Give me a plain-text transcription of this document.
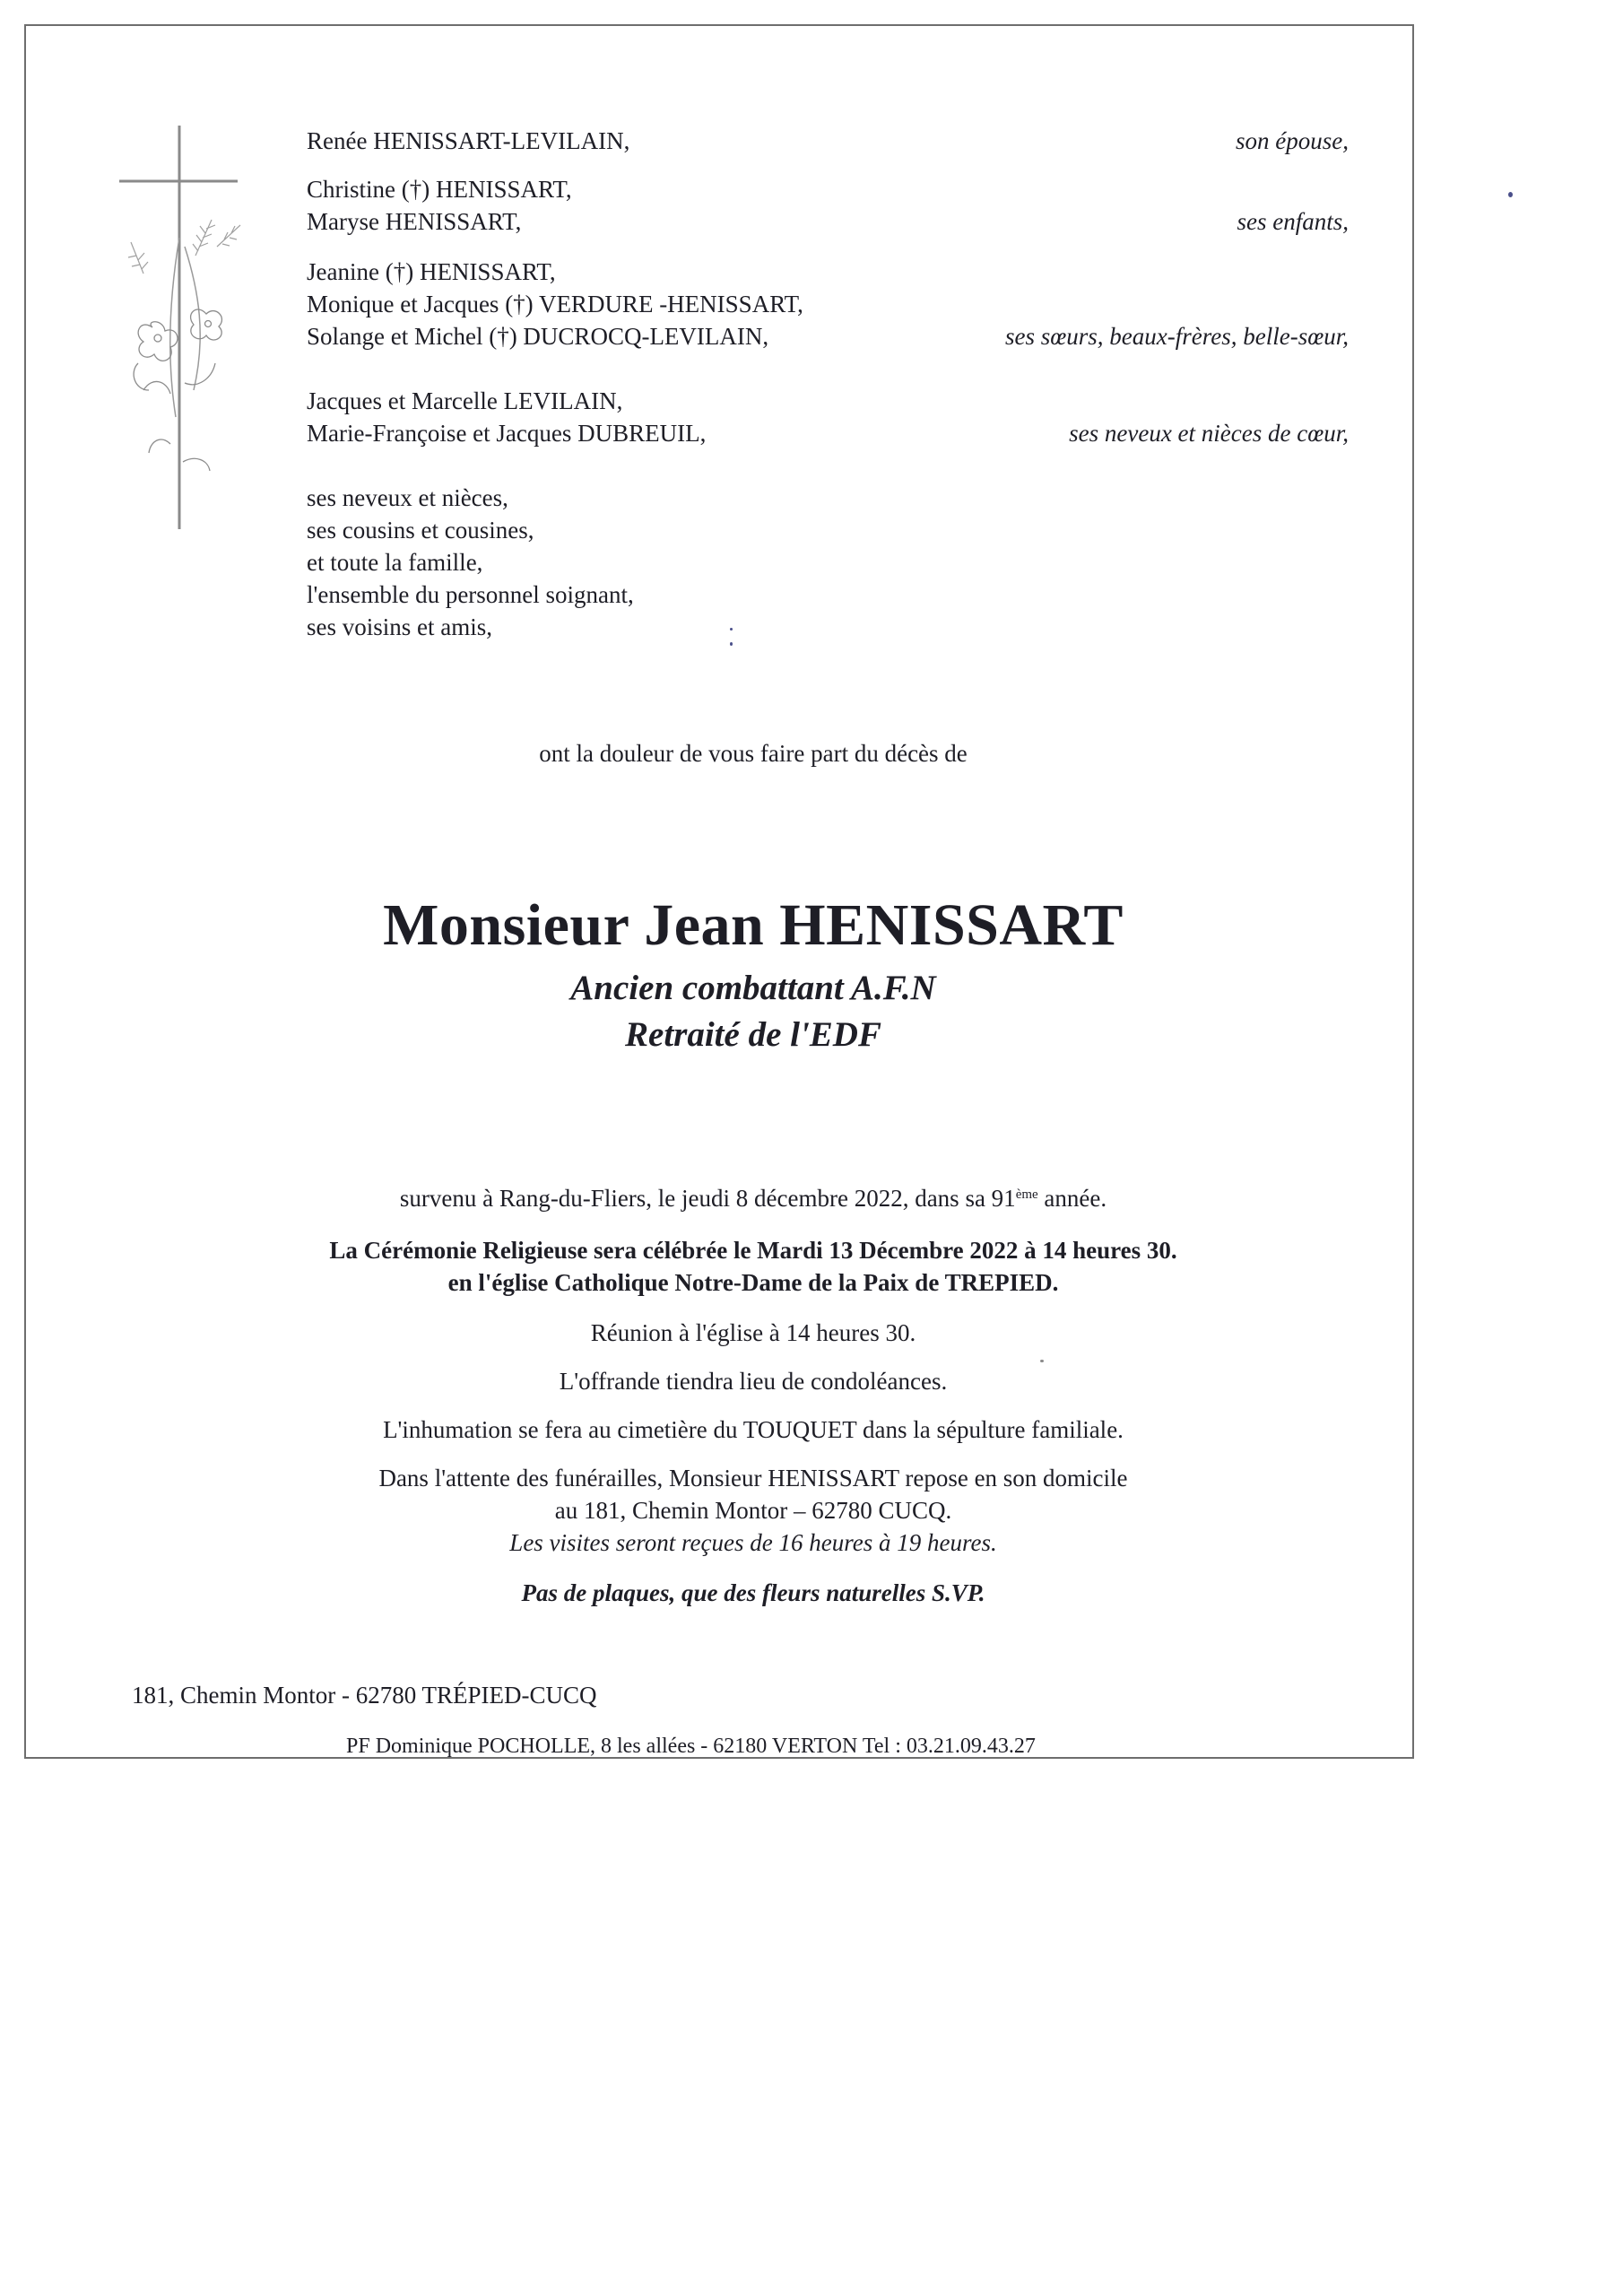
Renée HENISSART-LEVILAIN,
Christine (†) HENISSART,
Maryse HENISSART,
Jeanine (†) HENISSART,
Monique et Jacques (†) VERDURE -HENISSART,
Solange et Michel (†) DUCROCQ-LEVILAIN,
Jacques et Marcelle LEVILAIN,
Marie-Françoise et Jacques DUBREUIL,
son épouse,
ses enfants,
ses sœurs, beaux-frères, belle-sœur,
ses neveux et nièces de cœur,
ses neveux et nièces,
ses cousins et cousines,
et toute la famille,
l'ensemble du personnel soignant,
ses voisins et amis,
ont la douleur de vous faire part du décès de
Monsieur Jean HENISSART
Ancien combattant A.F.N
Retraité de l'EDF
survenu à Rang-du-Fliers, le jeudi 8 décembre 2022, dans sa 91ème année.
La Cérémonie Religieuse sera célébrée le Mardi 13 Décembre 2022 à 14 heures 30.
en l'église Catholique Notre-Dame de la Paix de TREPIED.
Réunion à l'église à 14 heures 30.
L'offrande tiendra lieu de condoléances.
L'inhumation se fera au cimetière du TOUQUET dans la sépulture familiale.
Dans l'attente des funérailles, Monsieur HENISSART repose en son domicile
au 181, Chemin Montor – 62780 CUCQ.
Les visites seront reçues de 16 heures à 19 heures.
Pas de plaques, que des fleurs naturelles S.VP.
181, Chemin Montor - 62780 TRÉPIED-CUCQ
PF Dominique POCHOLLE, 8 les allées - 62180 VERTON Tel : 03.21.09.43.27
